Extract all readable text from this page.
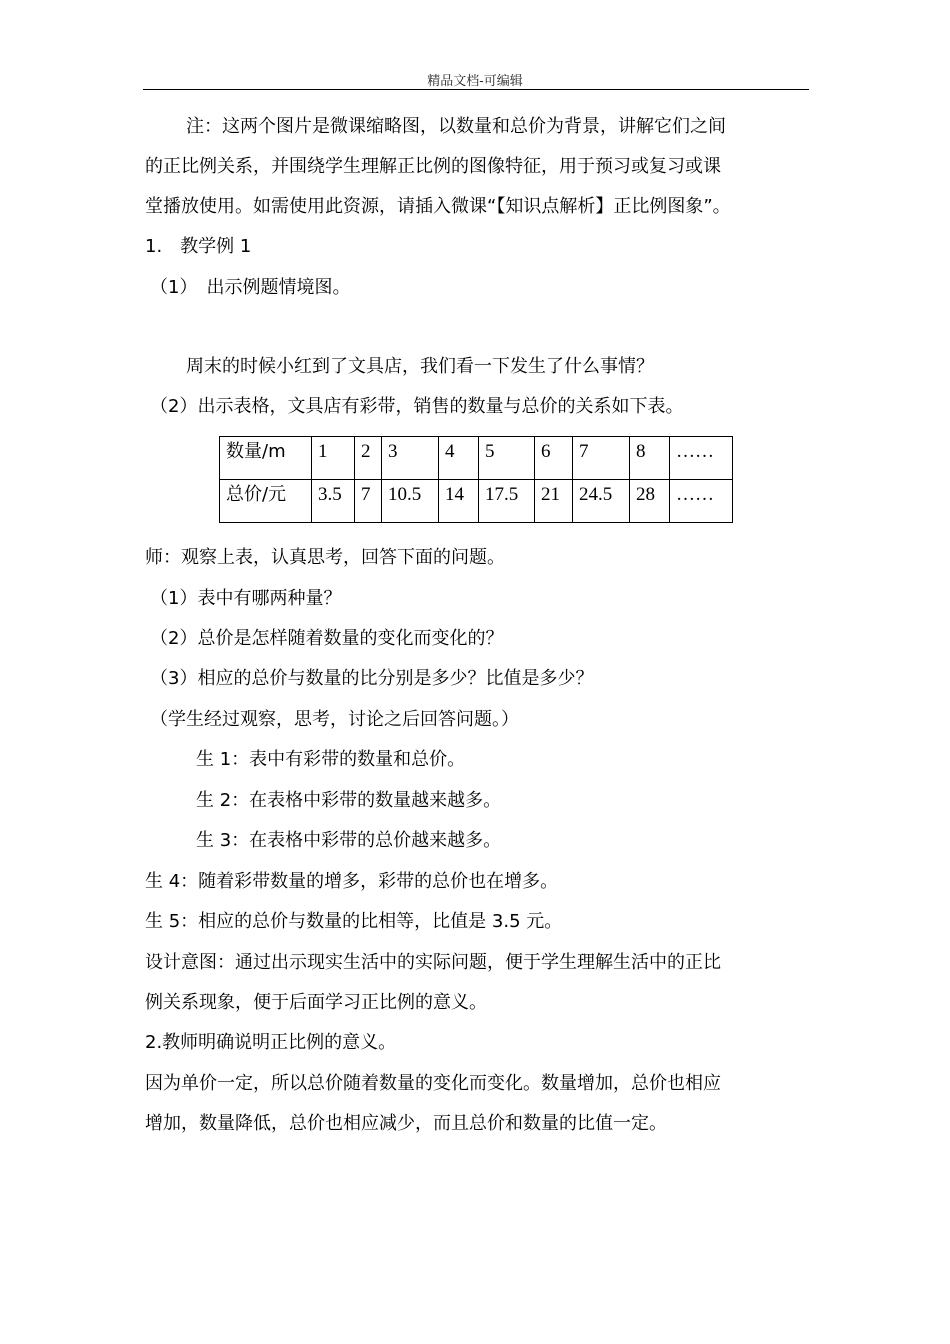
精品文档-可编辑
注：这两个图片是微课缩略图，以数量和总价为背景，讲解它们之间
的正比例关系，并围绕学生理解正比例的图像特征，用于预习或复习或课
堂播放使用。如需使用此资源，请插入微课“【知识点解析】正比例图象”。
1.　教学例 1
（1）　出示例题情境图。
周末的时候小红到了文具店，我们看一下发生了什么事情？
（2）出示表格，文具店有彩带，销售的数量与总价的关系如下表。
数量/m	1	2	3	4	5	6	7	8	……
总价/元	3.5	7	10.5	14	17.5	21	24.5	28	……
师：观察上表，认真思考，回答下面的问题。
（1）表中有哪两种量？
（2）总价是怎样随着数量的变化而变化的？
（3）相应的总价与数量的比分别是多少？比值是多少？
（学生经过观察，思考，讨论之后回答问题。）
生 1：表中有彩带的数量和总价。
生 2：在表格中彩带的数量越来越多。
生 3：在表格中彩带的总价越来越多。
生 4：随着彩带数量的增多，彩带的总价也在增多。
生 5：相应的总价与数量的比相等，比值是 3.5 元。
设计意图：通过出示现实生活中的实际问题，便于学生理解生活中的正比
例关系现象，便于后面学习正比例的意义。
2.教师明确说明正比例的意义。
因为单价一定，所以总价随着数量的变化而变化。数量增加，总价也相应
增加，数量降低，总价也相应减少，而且总价和数量的比值一定。
